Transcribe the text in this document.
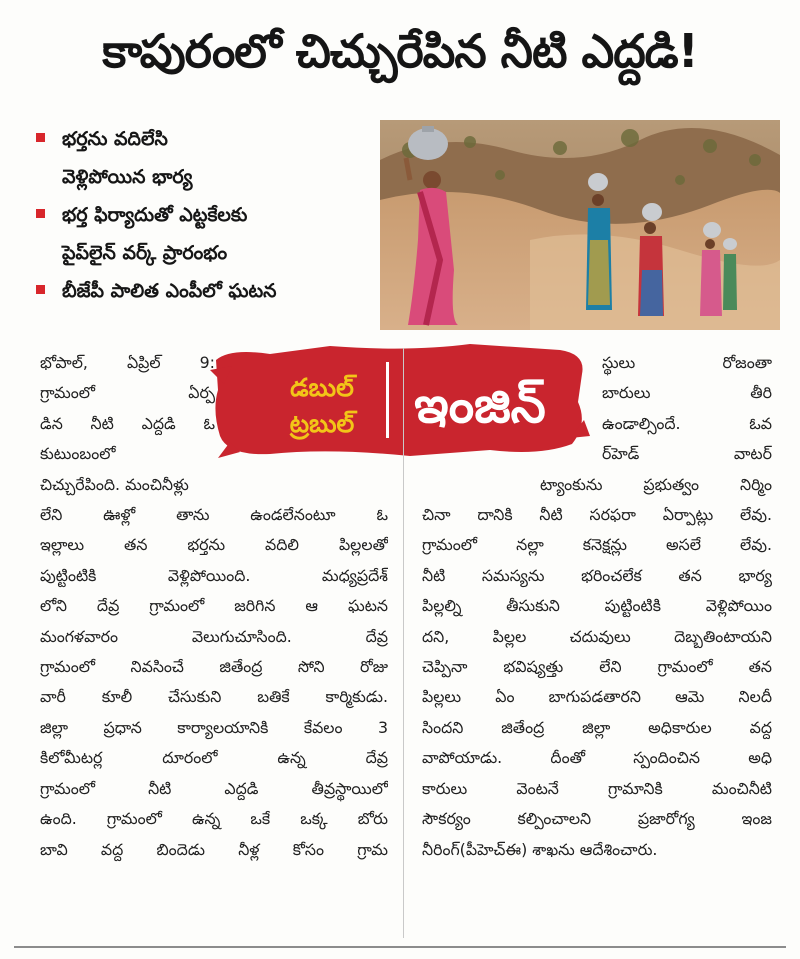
కాపురంలో చిచ్చురేపిన నీటి ఎద్దడి!
భర్తను వదిలేసి
వెళ్లిపోయిన భార్య
భర్త ఫిర్యాదుతో ఎట్టకేలకు
పైప్‌లైన్ వర్క్ ప్రారంభం
బీజేపీ పాలిత ఎంపీలో ఘటన
డబుల్
ట్రబుల్ ఇంజిన్
భోపాల్, ఏప్రిల్ 9:
గ్రామంలో ఏర్ప
డిన నీటి ఎద్దడి ఓ
కుటుంబంలో
చిచ్చురేపింది. మంచినీళ్లు
లేని ఊళ్లో తాను ఉండలేనంటూ ఓ
ఇల్లాలు తన భర్తను వదిలి పిల్లలతో
పుట్టింటికి వెళ్లిపోయింది. మధ్యప్రదేశ్
లోని దేవ్ర గ్రామంలో జరిగిన ఆ ఘటన
మంగళవారం వెలుగుచూసింది. దేవ్ర
గ్రామంలో నివసించే జితేంద్ర సోని రోజు
వారీ కూలీ చేసుకుని బతికే కార్మికుడు.
జిల్లా ప్రధాన కార్యాలయానికి కేవలం 3
కిలోమీటర్ల దూరంలో ఉన్న దేవ్ర
గ్రామంలో నీటి ఎద్దడి తీవ్రస్థాయిలో
ఉంది. గ్రామంలో ఉన్న ఒకే ఒక్క బోరు
బావి వద్ద బిందెడు నీళ్ల కోసం గ్రామ
స్థులు రోజంతా
బారులు తీరి
ఉండాల్సిందే. ఓవ
ర్‌హెడ్ వాటర్
ట్యాంకును ప్రభుత్వం నిర్మిం
చినా దానికి నీటి సరఫరా ఏర్పాట్లు లేవు.
గ్రామంలో నల్లా కనెక్షన్లు అసలే లేవు.
నీటి సమస్యను భరించలేక తన భార్య
పిల్లల్ని తీసుకుని పుట్టింటికి వెళ్లిపోయిం
దని, పిల్లల చదువులు దెబ్బతింటాయని
చెప్పినా భవిష్యత్తు లేని గ్రామంలో తన
పిల్లలు ఏం బాగుపడతారని ఆమె నిలదీ
సిందని జితేంద్ర జిల్లా అధికారుల వద్ద
వాపోయాడు. దీంతో స్పందించిన అధి
కారులు వెంటనే గ్రామానికి మంచినీటి
సౌకర్యం కల్పించాలని ప్రజారోగ్య ఇంజ
నీరింగ్(పీహెచ్ఈ) శాఖను ఆదేశించారు.
